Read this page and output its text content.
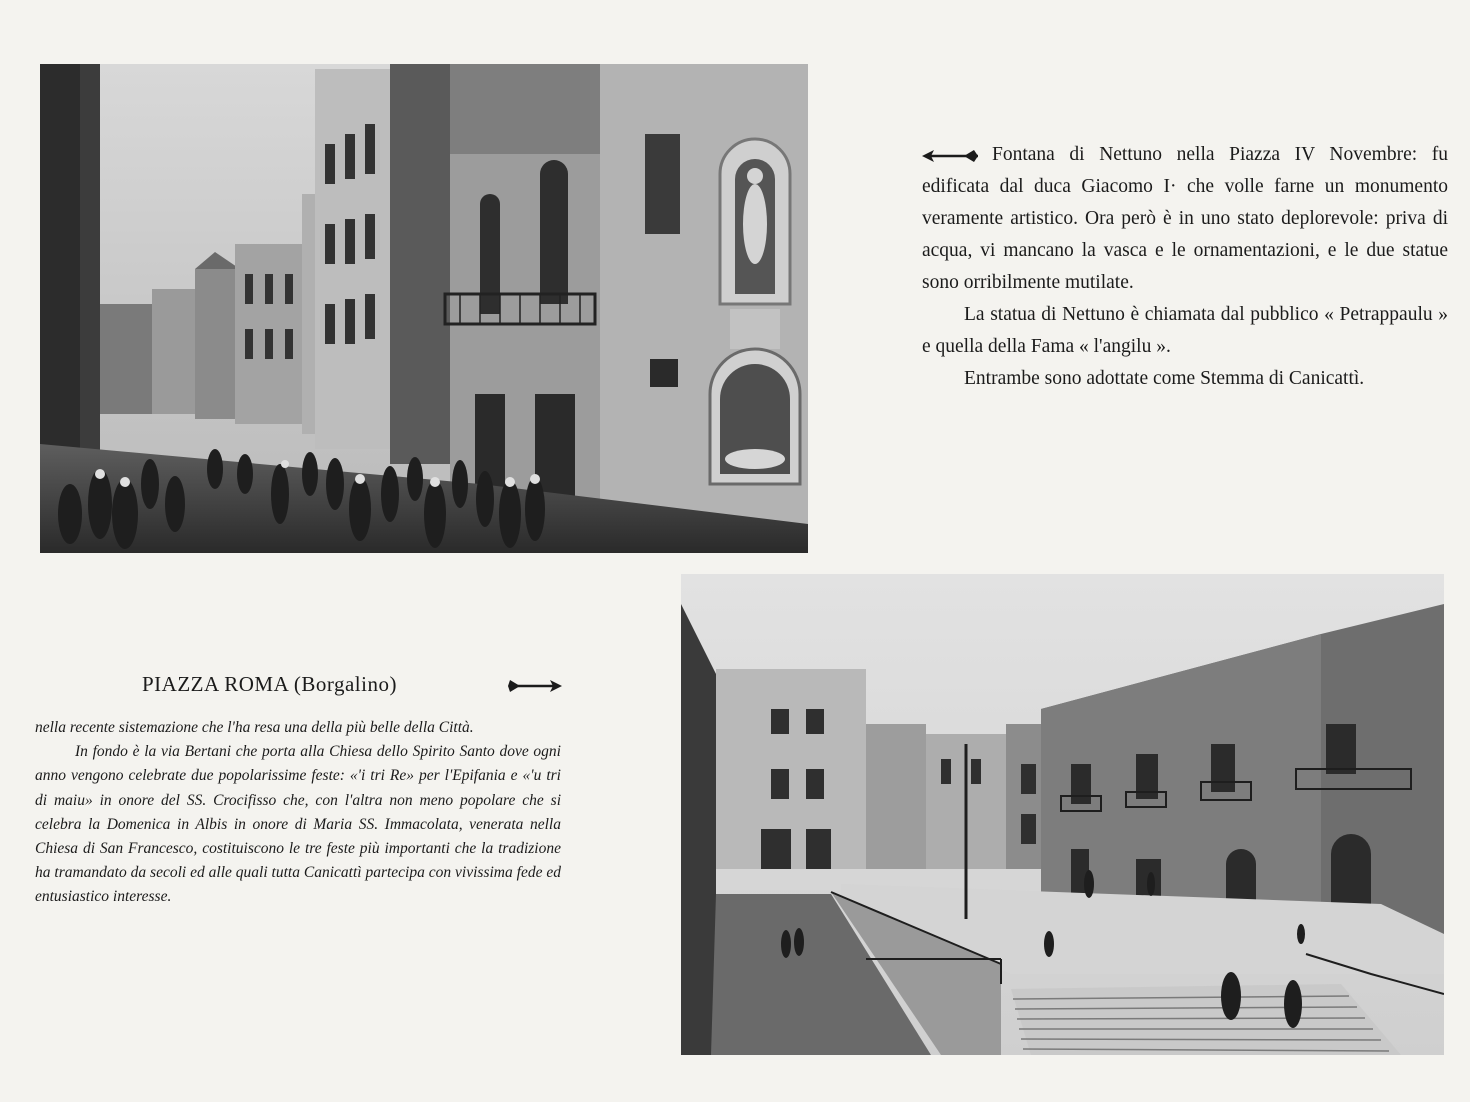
Fontana di Nettuno nella Piazza IV Novembre: fu edificata dal duca Giacomo I· che volle farne un monumento veramente artistico. Ora però è in uno stato deplorevole: priva di acqua, vi mancano la vasca e le ornamentazioni, e le due statue sono orribilmente mutilate.

La statua di Nettuno è chiamata dal pubblico « Petrappaulu » e quella della Fama « l'angilu ».

Entrambe sono adottate come Stemma di Canicattì.

PIAZZA ROMA (Borgalino)

nella recente sistemazione che l'ha resa una della più belle della Città.

In fondo è la via Bertani che porta alla Chiesa dello Spirito Santo dove ogni anno vengono celebrate due popolarissime feste: «'i tri Re» per l'Epifania e «'u tri di maiu» in onore del SS. Crocifisso che, con l'altra non meno popolare che si celebra la Domenica in Albis in onore di Maria SS. Immacolata, venerata nella Chiesa di San Francesco, costituiscono le tre feste più importanti che la tradizione ha tramandato da secoli ed alle quali tutta Canicattì partecipa con vivissima fede ed entusiastico interesse.
